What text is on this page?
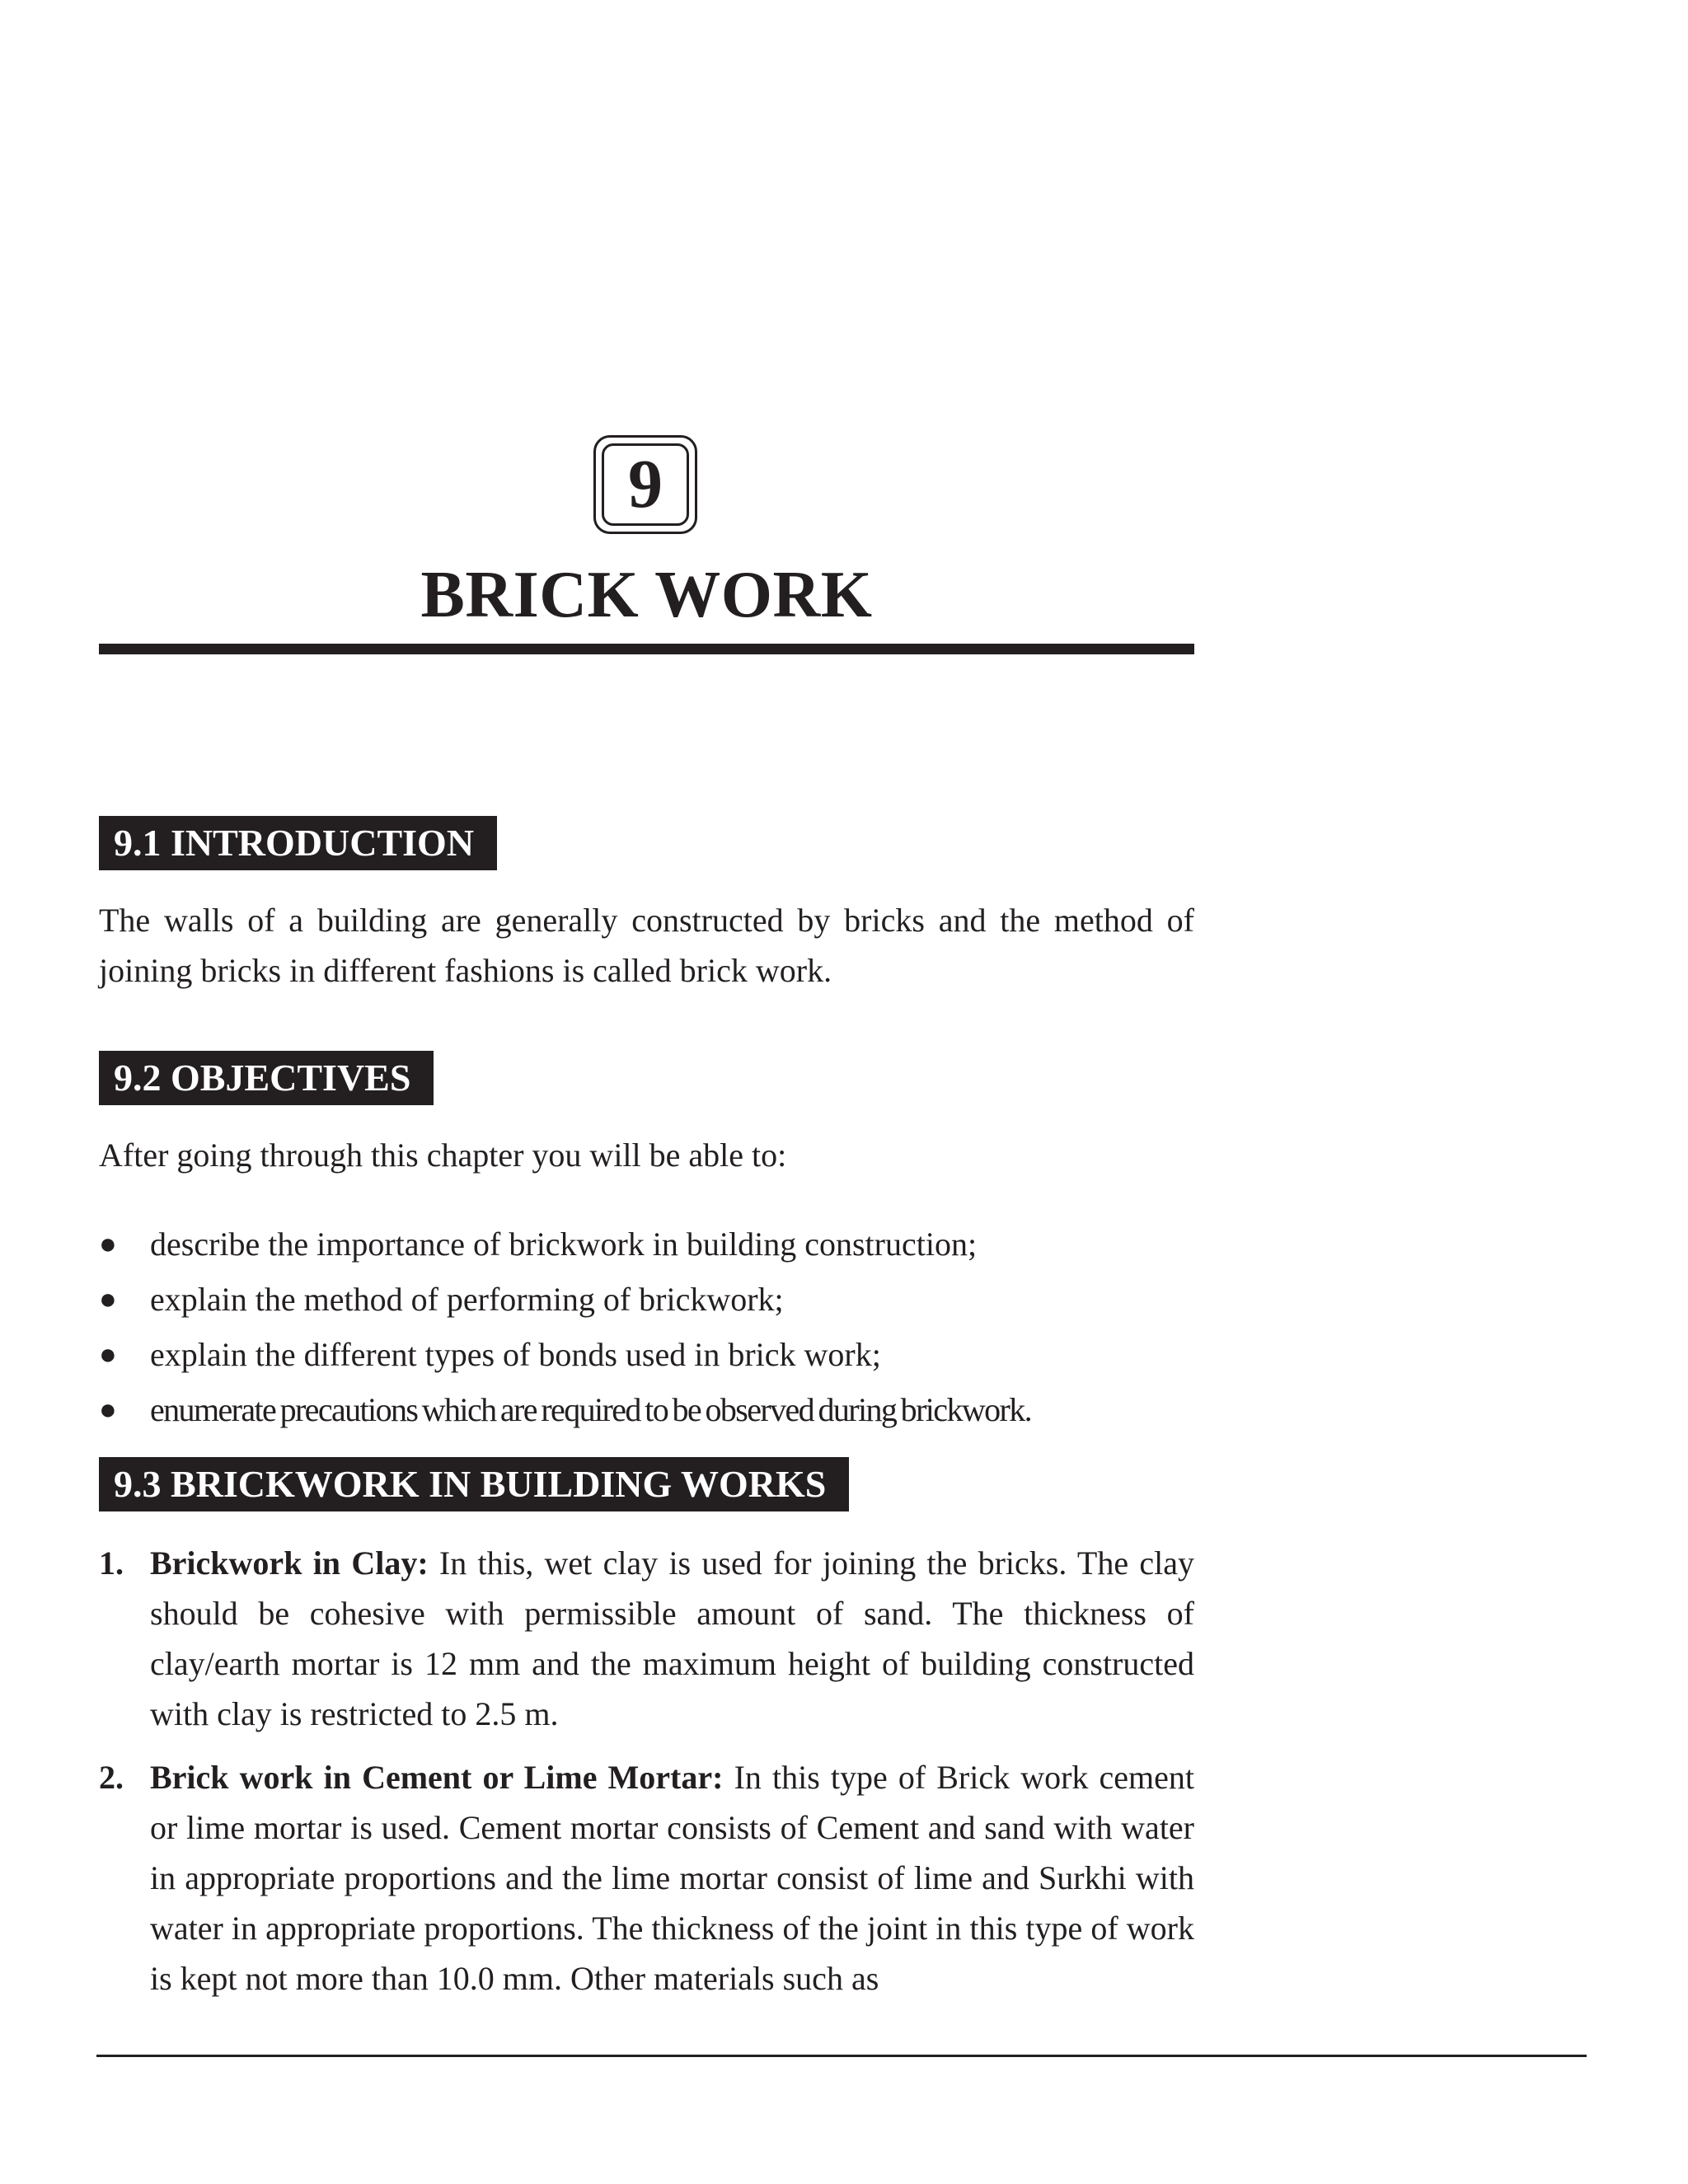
9
BRICK WORK
9.1 INTRODUCTION
The walls of a building are generally constructed by bricks and the method of joining bricks in different fashions is called brick work.
9.2 OBJECTIVES
After going through this chapter you will be able to:
●	describe the importance of brickwork in building construction;
●	explain the method of performing of brickwork;
●	explain the different types of bonds used in brick work;
●	enumerate precautions which are required to be observed during brickwork.
9.3 BRICKWORK IN BUILDING WORKS
1. Brickwork in Clay: In this, wet clay is used for joining the bricks. The clay should be cohesive with permissible amount of sand. The thickness of clay/earth mortar is 12 mm and the maximum height of building constructed with clay is restricted to 2.5 m.
2. Brick work in Cement or Lime Mortar: In this type of Brick work cement or lime mortar is used. Cement mortar consists of Cement and sand with water in appropriate proportions and the lime mortar consist of lime and Surkhi with water in appropriate proportions. The thickness of the joint in this type of work is kept not more than 10.0 mm. Other materials such as
